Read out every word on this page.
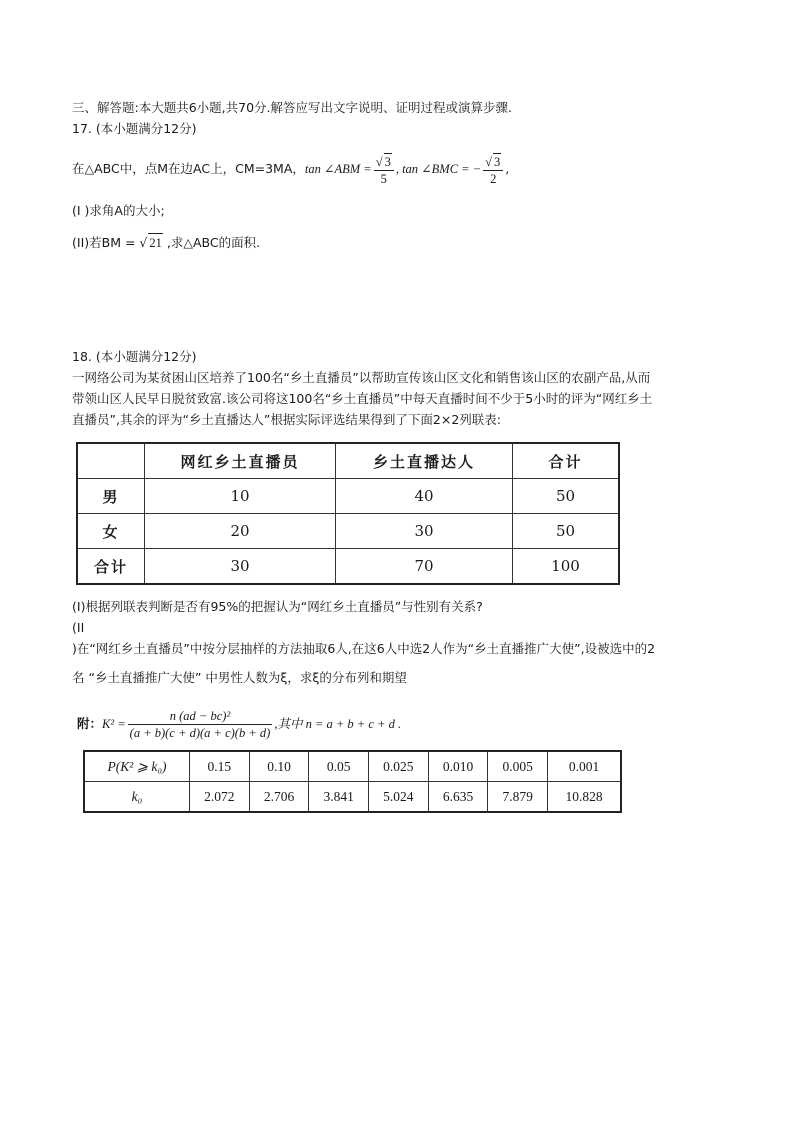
三、解答题:本大题共6小题,共70分.解答应写出文字说明、证明过程或演算步骤.
17. (本小题满分12分)
在△ABC中，点M在边AC上，CM=3MA，tan ∠ABM = $\frac{√ 3}{5}$ , tan ∠BMC = − $\frac{√ 3}{2}$ ,
(I )求角A的大小;
(II)若BM = √ 21 ,求△ABC的面积.
18. (本小题满分12分)
一网络公司为某贫困山区培养了100名“乡土直播员”以帮助宣传该山区文化和销售该山区的农副产品,从而
带领山区人民早日脱贫致富.该公司将这100名“乡土直播员”中每天直播时间不少于5小时的评为“网红乡土
直播员”,其余的评为“乡土直播达人”根据实际评选结果得到了下面2×2列联表:
	网红乡土直播员	乡土直播达人	合计
男	10	40	50
女	20	30	50
合计	30	70	100
(I)根据列联表判断是否有95%的把握认为“网红乡土直播员”与性别有关系?
(II
)在“网红乡土直播员”中按分层抽样的方法抽取6人,在这6人中选2人作为“乡土直播推广大使”,设被选中的2
名 “乡土直播推广大使” 中男性人数为ξ，求ξ的分布列和期望
附：$K^2 = \frac{\text{n (ad − bc)²}}{(a + b)(c + d)(a + c)(b + d)}$ ,其中 n = a + b + c + d .
P(K² ⩾ k₀)	0.15	0.10	0.05	0.025	0.010	0.005	0.001
k₀	2.072	2.706	3.841	5.024	6.635	7.879	10.828
